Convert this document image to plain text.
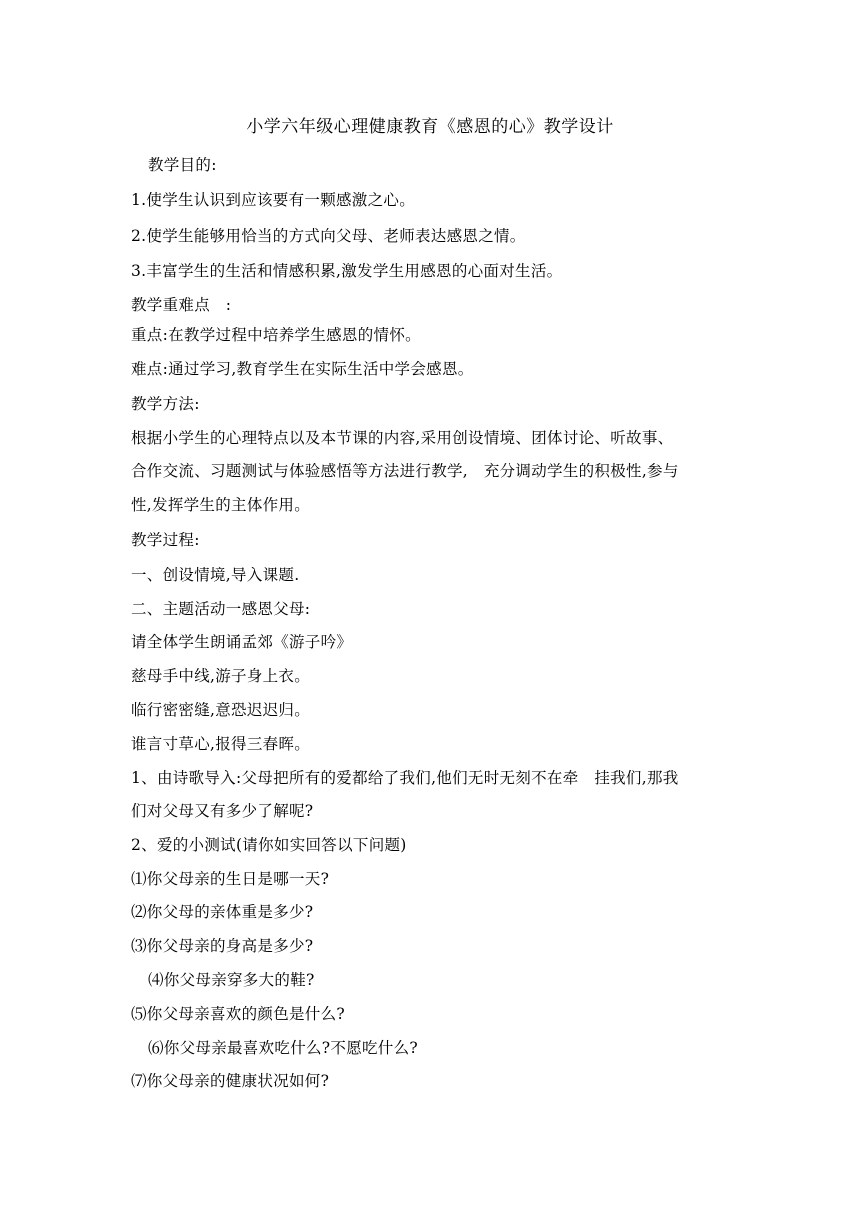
小学六年级心理健康教育《感恩的心》教学设计
教学目的:
1.使学生认识到应该要有一颗感激之心。
2.使学生能够用恰当的方式向父母、老师表达感恩之情。
3.丰富学生的生活和情感积累,激发学生用感恩的心面对生活。
教学重难点　:
重点:在教学过程中培养学生感恩的情怀。
难点:通过学习,教育学生在实际生活中学会感恩。
教学方法:
根据小学生的心理特点以及本节课的内容,采用创设情境、团体讨论、听故事、
合作交流、习题测试与体验感悟等方法进行教学,　充分调动学生的积极性,参与
性,发挥学生的主体作用。
教学过程:
一、创设情境,导入课题.
二、主题活动一感恩父母:
请全体学生朗诵孟郊《游子吟》
慈母手中线,游子身上衣。
临行密密缝,意恐迟迟归。
谁言寸草心,报得三春晖。
1、由诗歌导入:父母把所有的爱都给了我们,他们无时无刻不在牵　挂我们,那我
们对父母又有多少了解呢?
2、爱的小测试(请你如实回答以下问题)
⑴你父母亲的生日是哪一天?
⑵你父母的亲体重是多少?
⑶你父母亲的身高是多少?
⑷你父母亲穿多大的鞋?
⑸你父母亲喜欢的颜色是什么?
⑹你父母亲最喜欢吃什么?不愿吃什么?
⑺你父母亲的健康状况如何?
